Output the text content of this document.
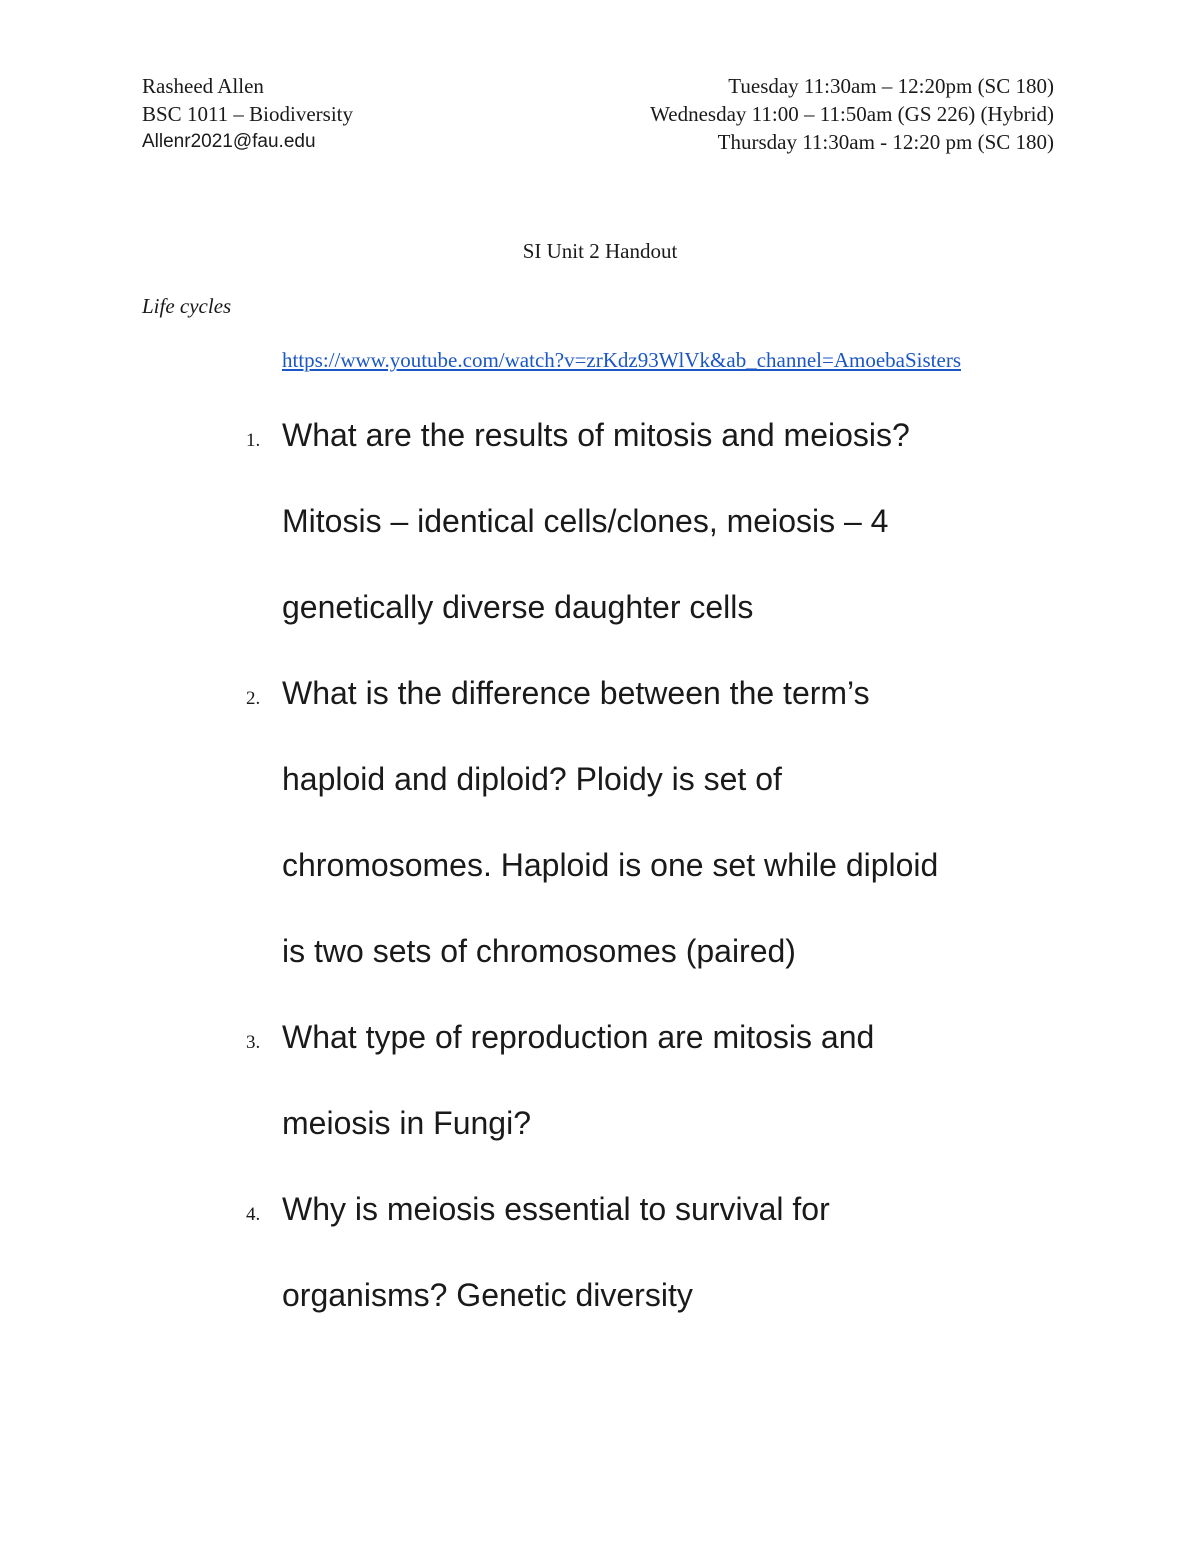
Rasheed Allen	Tuesday 11:30am – 12:20pm (SC 180)
BSC 1011 – Biodiversity	Wednesday 11:00 – 11:50am (GS 226) (Hybrid)
Allenr2021@fau.edu	Thursday 11:30am - 12:20 pm (SC 180)
SI Unit 2 Handout
Life cycles
https://www.youtube.com/watch?v=zrKdz93WlVk&ab_channel=AmoebaSisters
1. What are the results of mitosis and meiosis?
Mitosis – identical cells/clones, meiosis – 4
genetically diverse daughter cells
2. What is the difference between the term’s
haploid and diploid? Ploidy is set of
chromosomes. Haploid is one set while diploid
is two sets of chromosomes (paired)
3. What type of reproduction are mitosis and
meiosis in Fungi?
4. Why is meiosis essential to survival for
organisms? Genetic diversity
